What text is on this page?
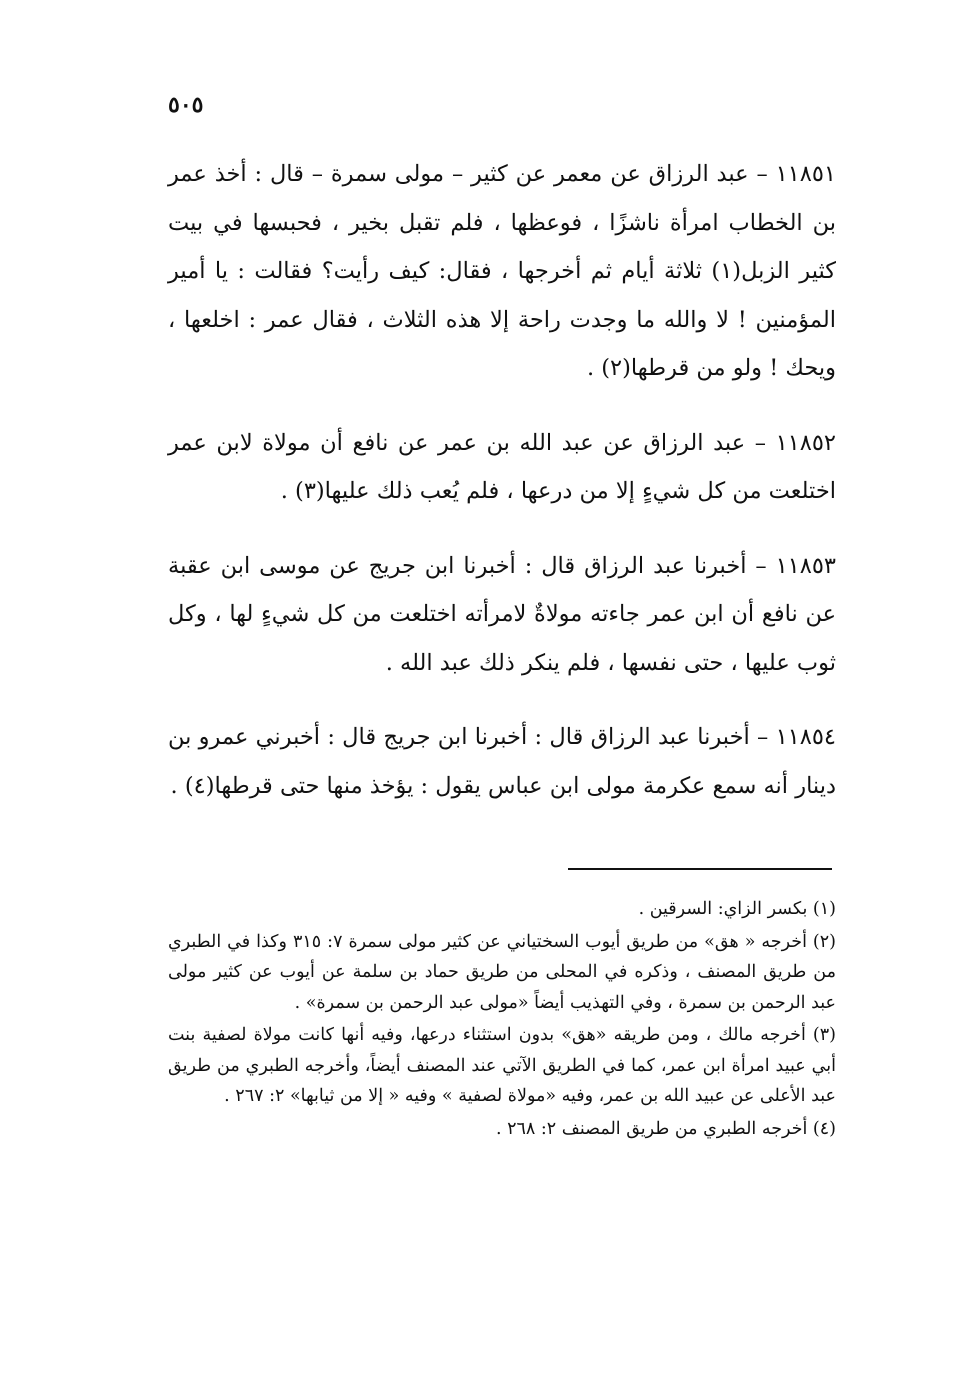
٥٠٥

١١٨٥١ – عبد الرزاق عن معمر عن كثير – مولى سمرة – قال : أخذ عمر بن الخطاب امرأة ناشزًا ، فوعظها ، فلم تقبل بخير ، فحبسها في بيت كثير الزبل(١) ثلاثة أيام ثم أخرجها ، فقال: كيف رأيت؟ فقالت : يا أمير المؤمنين ! لا والله ما وجدت راحة إلا هذه الثلاث ، فقال عمر : اخلعها ، ويحك ! ولو من قرطها(٢) .

١١٨٥٢ – عبد الرزاق عن عبد الله بن عمر عن نافع أن مولاة لابن عمر اختلعت من كل شيءٍ إلا من درعها ، فلم يُعب ذلك عليها(٣) .

١١٨٥٣ – أخبرنا عبد الرزاق قال : أخبرنا ابن جريج عن موسى ابن عقبة عن نافع أن ابن عمر جاءته مولاةٌ لامرأته اختلعت من كل شيءٍ لها ، وكل ثوب عليها ، حتى نفسها ، فلم ينكر ذلك عبد الله .

١١٨٥٤ – أخبرنا عبد الرزاق قال : أخبرنا ابن جريج قال : أخبرني عمرو بن دينار أنه سمع عكرمة مولى ابن عباس يقول : يؤخذ منها حتى قرطها(٤) .

(١) بكسر الزاي: السرقين .

(٢) أخرجه « هق» من طريق أيوب السختياني عن كثير مولى سمرة ٧: ٣١٥ وكذا في الطبري من طريق المصنف ، وذكره في المحلى من طريق حماد بن سلمة عن أيوب عن كثير مولى عبد الرحمن بن سمرة ، وفي التهذيب أيضاً «مولى عبد الرحمن بن سمرة» .

(٣) أخرجه مالك ، ومن طريقه «هق» بدون استثناء درعها، وفيه أنها كانت مولاة لصفية بنت أبي عبيد امرأة ابن عمر، كما في الطريق الآتي عند المصنف أيضاً، وأخرجه الطبري من طريق عبد الأعلى عن عبيد الله بن عمر، وفيه «مولاة لصفية » وفيه « إلا من ثيابها» ٢: ٢٦٧ .

(٤) أخرجه الطبري من طريق المصنف ٢: ٢٦٨ .
